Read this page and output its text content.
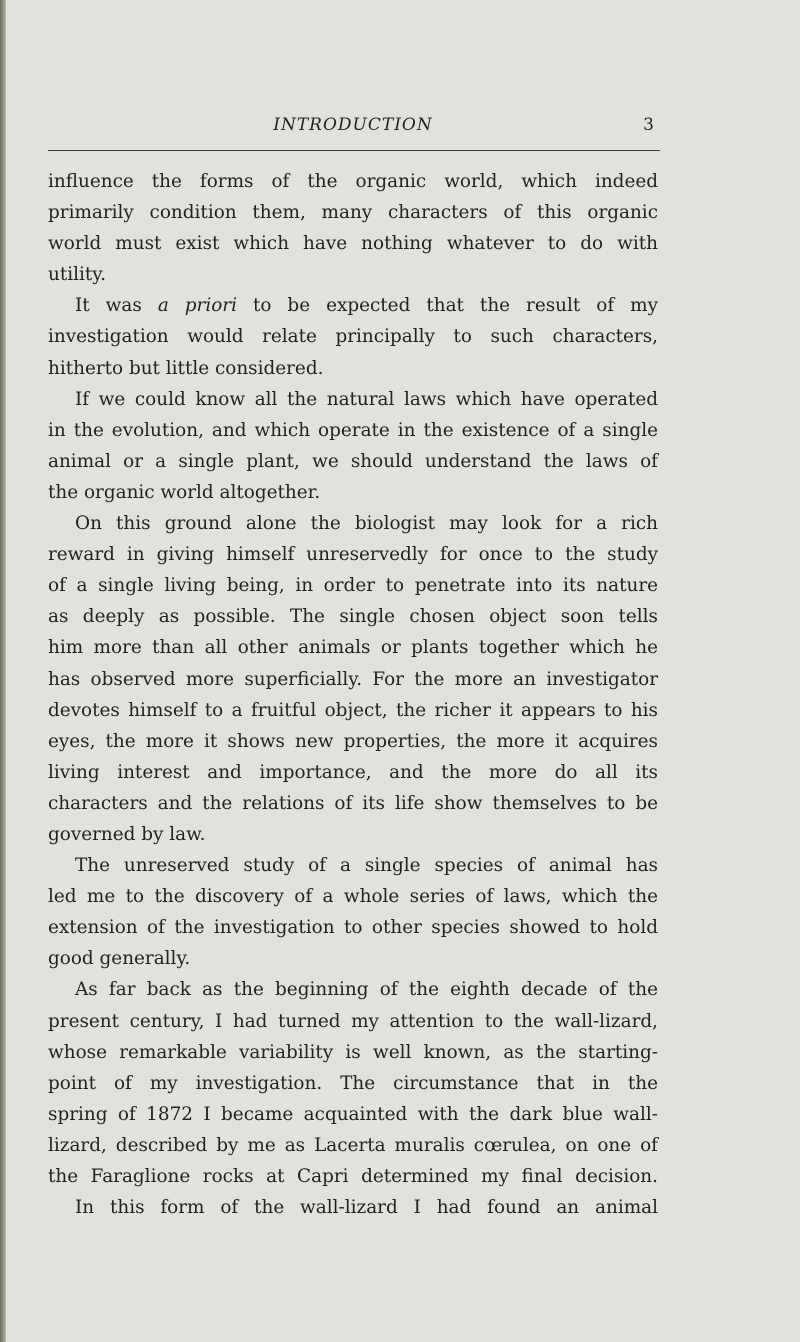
INTRODUCTION	3
influence the forms of the organic world, which indeed
primarily condition them, many characters of this organic
world must exist which have nothing whatever to do with
utility.
It was a priori to be expected that the result of my
investigation would relate principally to such characters,
hitherto but little considered.
If we could know all the natural laws which have operated
in the evolution, and which operate in the existence of a single
animal or a single plant, we should understand the laws of
the organic world altogether.
On this ground alone the biologist may look for a rich
reward in giving himself unreservedly for once to the study
of a single living being, in order to penetrate into its nature
as deeply as possible. The single chosen object soon tells
him more than all other animals or plants together which he
has observed more superficially. For the more an investigator
devotes himself to a fruitful object, the richer it appears to his
eyes, the more it shows new properties, the more it acquires
living interest and importance, and the more do all its
characters and the relations of its life show themselves to be
governed by law.
The unreserved study of a single species of animal has
led me to the discovery of a whole series of laws, which the
extension of the investigation to other species showed to hold
good generally.
As far back as the beginning of the eighth decade of the
present century, I had turned my attention to the wall-lizard,
whose remarkable variability is well known, as the starting-
point of my investigation. The circumstance that in the
spring of 1872 I became acquainted with the dark blue wall-
lizard, described by me as Lacerta muralis cœrulea, on one of
the Faraglione rocks at Capri determined my final decision.
In this form of the wall-lizard I had found an animal
